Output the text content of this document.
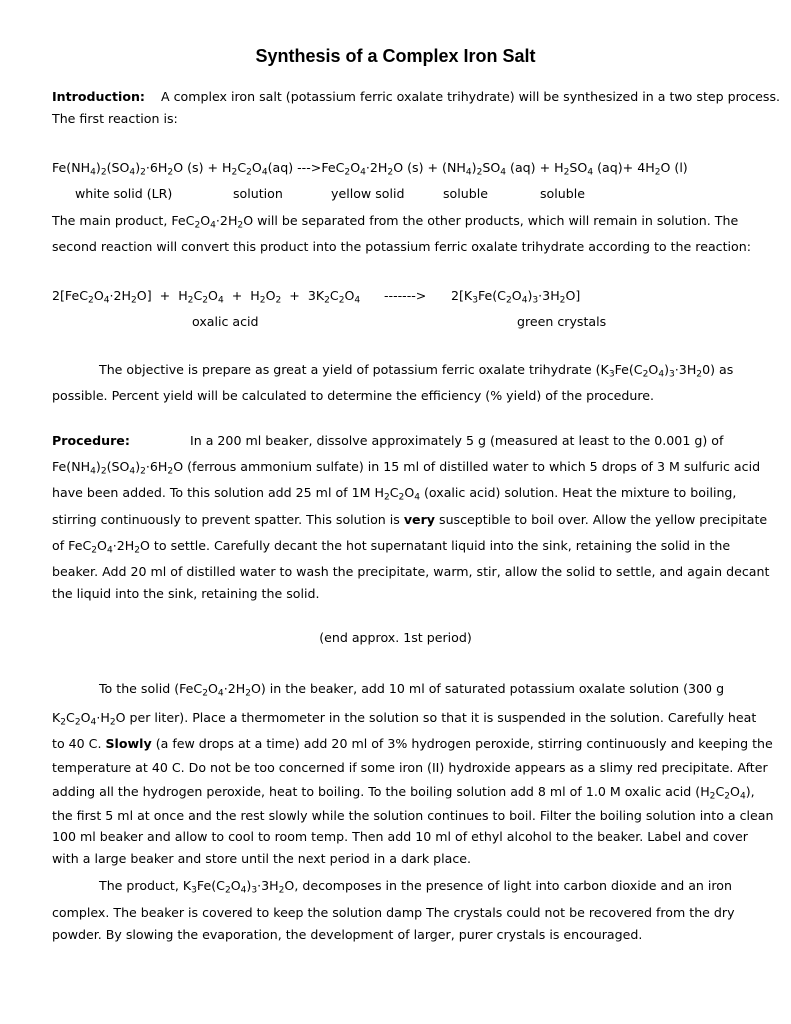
Synthesis of a Complex Iron Salt
Introduction: A complex iron salt (potassium ferric oxalate trihydrate) will be synthesized in a two step process.
The first reaction is:
$Fe(NH_4)_2(SO_4)_2\cdot 6H_2O$ $(s) + H_2C_2O_4(aq)$ $--->FeC_2O_4\cdot 2H_2O$ $(s) + (NH_4)_2SO_4$ $(aq) + H_2SO_4$ $(aq)+ 4H_2O$ (l)
white solid (LR)	solution	yellow solid	soluble	soluble
The main product, $FeC_2O_4\cdot 2H_2O$ will be separated from the other products, which will remain in solution. The
second reaction will convert this product into the potassium ferric oxalate trihydrate according to the reaction:
$2[FeC_2O_4\cdot 2H_2O] + H_2C_2O_4 + H_2O_2 + 3K_2C_2O_4$ -------> $2[K_3Fe(C_2O_4)_3\cdot 3H_2O]$
oxalic acid	green crystals
The objective is prepare as great a yield of potassium ferric oxalate trihydrate $(K_3Fe(C_2O_4)_3\cdot 3H_20)$ as
possible. Percent yield will be calculated to determine the efficiency (% yield) of the procedure.
Procedure:	In a 200 ml beaker, dissolve approximately 5 g (measured at least to the 0.001 g) of
$Fe(NH_4)_2(SO_4)_2\cdot 6H_2O$ (ferrous ammonium sulfate) in 15 ml of distilled water to which 5 drops of 3 M sulfuric acid
have been added. To this solution add 25 ml of 1M $H_2C_2O_4$ (oxalic acid) solution. Heat the mixture to boiling,
stirring continuously to prevent spatter. This solution is very susceptible to boil over. Allow the yellow precipitate
of $FeC_2O_4\cdot 2H_2O$ to settle. Carefully decant the hot supernatant liquid into the sink, retaining the solid in the
beaker. Add 20 ml of distilled water to wash the precipitate, warm, stir, allow the solid to settle, and again decant
the liquid into the sink, retaining the solid.
(end approx. 1st period)
To the solid $(FeC_2O_4\cdot 2H_2O)$ in the beaker, add 10 ml of saturated potassium oxalate solution (300 g
$K_2C_2O_4\cdot H_2O$ per liter). Place a thermometer in the solution so that it is suspended in the solution. Carefully heat
to 40 C. Slowly (a few drops at a time) add 20 ml of 3% hydrogen peroxide, stirring continuously and keeping the
temperature at 40 C. Do not be too concerned if some iron (II) hydroxide appears as a slimy red precipitate. After
adding all the hydrogen peroxide, heat to boiling. To the boiling solution add 8 ml of 1.0 M oxalic acid $(H_2C_2O_4)$,
the first 5 ml at once and the rest slowly while the solution continues to boil. Filter the boiling solution into a clean
100 ml beaker and allow to cool to room temp. Then add 10 ml of ethyl alcohol to the beaker. Label and cover
with a large beaker and store until the next period in a dark place.
The product, $K_3Fe(C_2O_4)_3\cdot 3H_2O$, decomposes in the presence of light into carbon dioxide and an iron
complex. The beaker is covered to keep the solution damp The crystals could not be recovered from the dry
powder. By slowing the evaporation, the development of larger, purer crystals is encouraged.
